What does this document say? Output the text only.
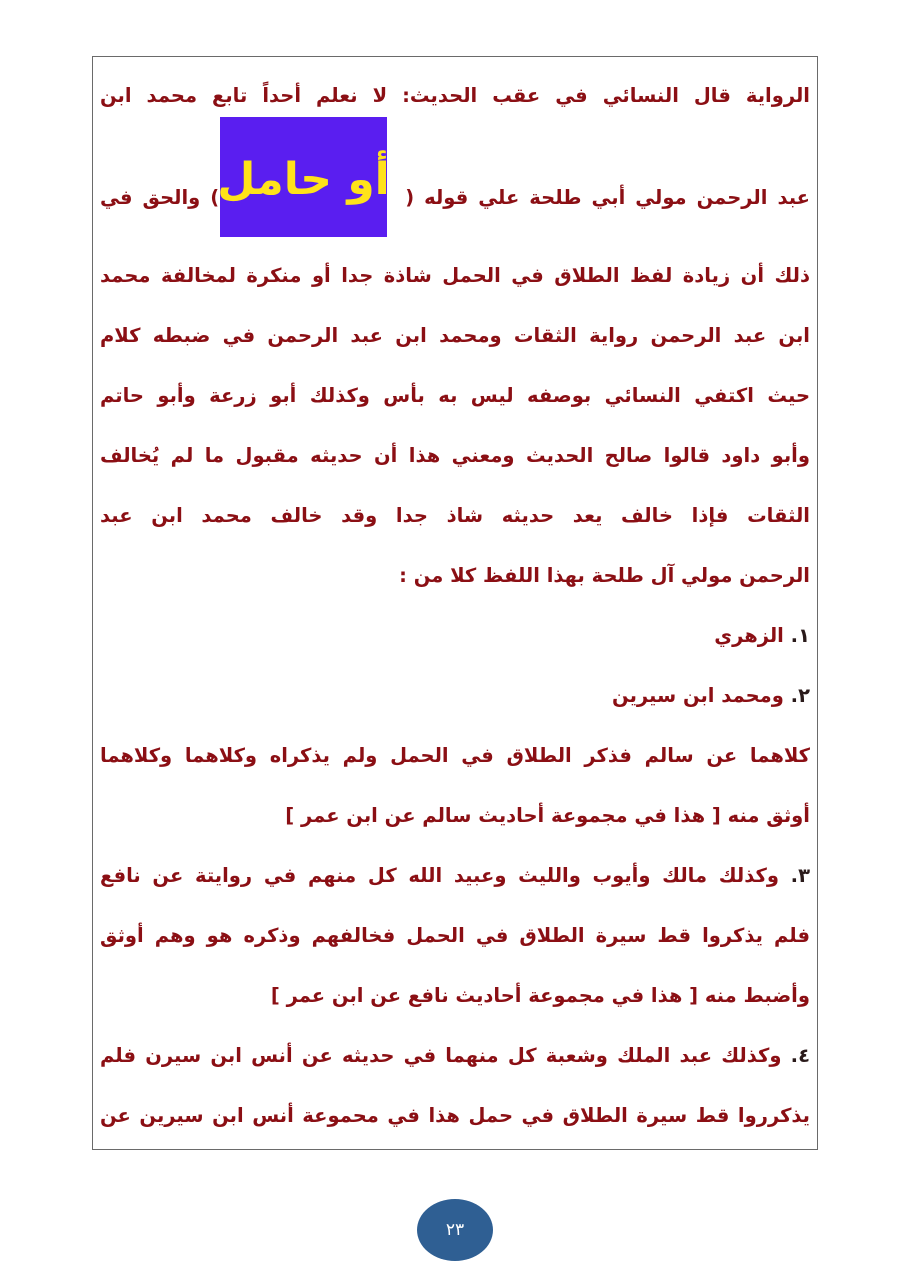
الرواية قال النسائي في عقب الحديث: لا نعلم أحداً تابع محمد ابن
عبد الرحمن مولي أبي طلحة علي قوله (  ) والحق في
أو حامل
ذلك أن زيادة لفظ الطلاق في الحمل شاذة جدا أو منكرة لمخالفة محمد
ابن عبد الرحمن رواية الثقات ومحمد ابن عبد الرحمن في ضبطه كلام
حيث اكتفي النسائي بوصفه ليس به بأس وكذلك أبو زرعة وأبو حاتم
وأبو داود قالوا صالح الحديث ومعني هذا أن حديثه مقبول ما لم يُخالف
الثقات فإذا خالف يعد حديثه شاذ جدا وقد خالف محمد ابن عبد
الرحمن مولي آل طلحة بهذا اللفظ كلا من :
١. الزهري
٢. ومحمد ابن سيرين
كلاهما عن سالم فذكر الطلاق في الحمل ولم يذكراه وكلاهما وكلاهما
أوثق منه [ هذا في مجموعة أحاديث سالم عن ابن عمر ]
٣. وكذلك مالك وأيوب والليث وعبيد الله كل منهم في روايتة عن نافع
فلم يذكروا قط سيرة الطلاق في الحمل فخالفهم وذكره هو وهم أوثق
وأضبط منه [ هذا في مجموعة أحاديث نافع عن ابن عمر ]
٤. وكذلك عبد الملك وشعبة كل منهما في حديثه عن أنس ابن سيرن فلم
يذكرروا قط سيرة الطلاق في حمل هذا في محموعة أنس ابن سيرين عن
٢٣
